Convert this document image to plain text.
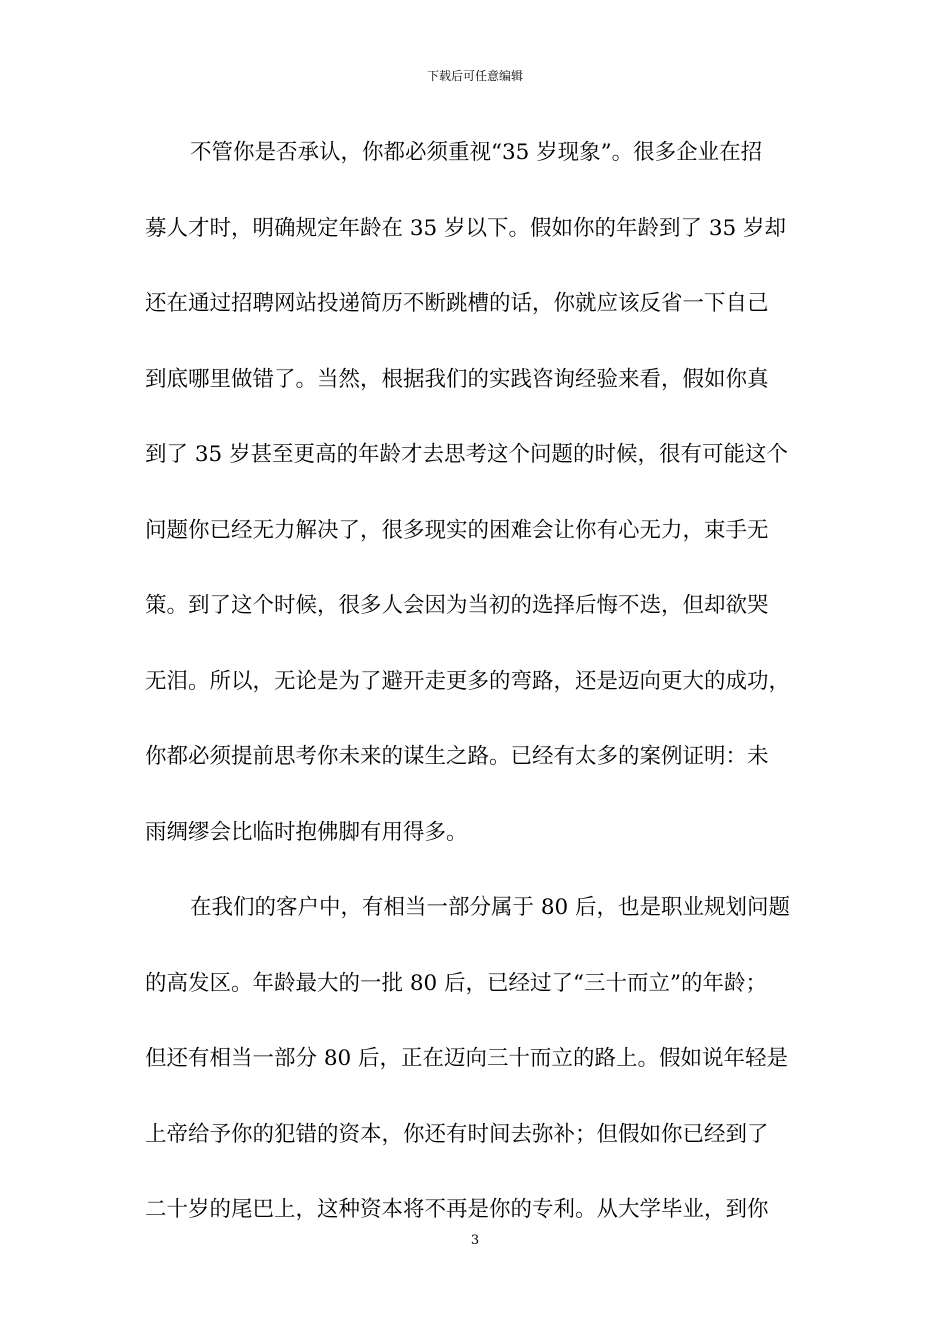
下载后可任意编辑
不管你是否承认，你都必须重视“35 岁现象”。很多企业在招
募人才时，明确规定年龄在 35 岁以下。假如你的年龄到了 35 岁却
还在通过招聘网站投递简历不断跳槽的话，你就应该反省一下自己
到底哪里做错了。当然，根据我们的实践咨询经验来看，假如你真
到了 35 岁甚至更高的年龄才去思考这个问题的时候，很有可能这个
问题你已经无力解决了，很多现实的困难会让你有心无力，束手无
策。到了这个时候，很多人会因为当初的选择后悔不迭，但却欲哭
无泪。所以，无论是为了避开走更多的弯路，还是迈向更大的成功，
你都必须提前思考你未来的谋生之路。已经有太多的案例证明：未
雨绸缪会比临时抱佛脚有用得多。
在我们的客户中，有相当一部分属于 80 后，也是职业规划问题
的高发区。年龄最大的一批 80 后，已经过了“三十而立”的年龄；
但还有相当一部分 80 后，正在迈向三十而立的路上。假如说年轻是
上帝给予你的犯错的资本，你还有时间去弥补；但假如你已经到了
二十岁的尾巴上，这种资本将不再是你的专利。从大学毕业，到你
3
